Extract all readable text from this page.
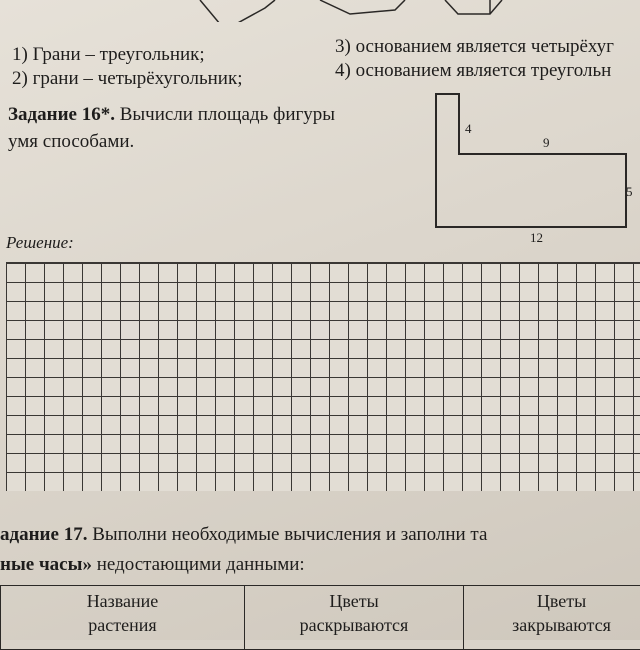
1) Грани – треугольник;
2) грани – четырёхугольник;
3) основанием является четырёхуг
4) основанием является треугольн
Задание 16*. Вычисли площадь фигуры
умя способами.
4
9
5
12
Решение:
адание 17. Выполни необходимые вычисления и заполни та
ные часы» недостающими данными:
Название
растения

Цветы
раскрываются

Цветы
закрываются
